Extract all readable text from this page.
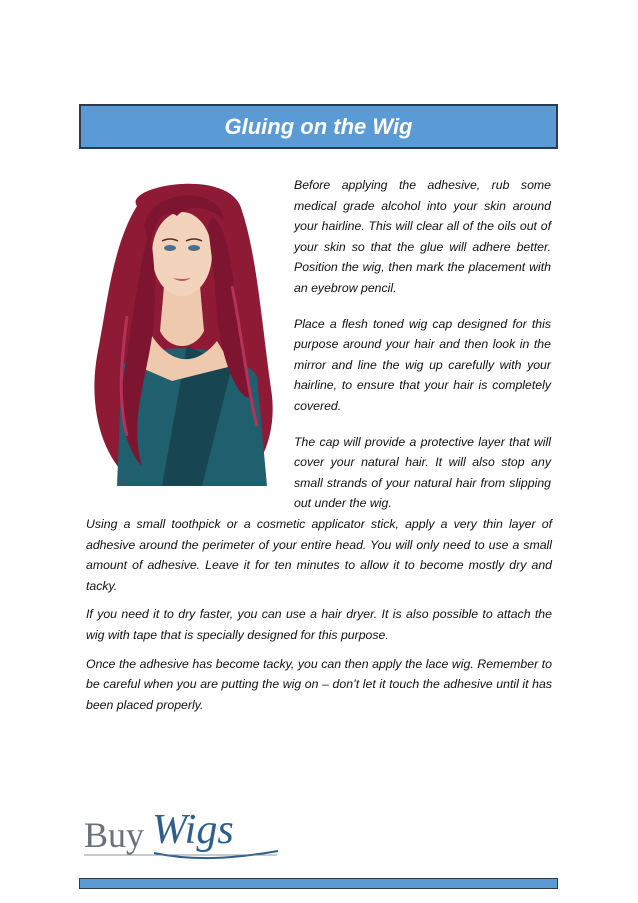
Gluing on the Wig

Before applying the adhesive, rub some medical grade alcohol into your skin around your hairline. This will clear all of the oils out of your skin so that the glue will adhere better. Position the wig, then mark the placement with an eyebrow pencil.

Place a flesh toned wig cap designed for this purpose around your hair and then look in the mirror and line the wig up carefully with your hairline, to ensure that your hair is completely covered.

The cap will provide a protective layer that will cover your natural hair. It will also stop any small strands of your natural hair from slipping out under the wig.

Using a small toothpick or a cosmetic applicator stick, apply a very thin layer of adhesive around the perimeter of your entire head. You will only need to use a small amount of adhesive. Leave it for ten minutes to allow it to become mostly dry and tacky.

If you need it to dry faster, you can use a hair dryer. It is also possible to attach the wig with tape that is specially designed for this purpose.

Once the adhesive has become tacky, you can then apply the lace wig. Remember to be careful when you are putting the wig on – don’t let it touch the adhesive until it has been placed properly.

Buy Wigs
